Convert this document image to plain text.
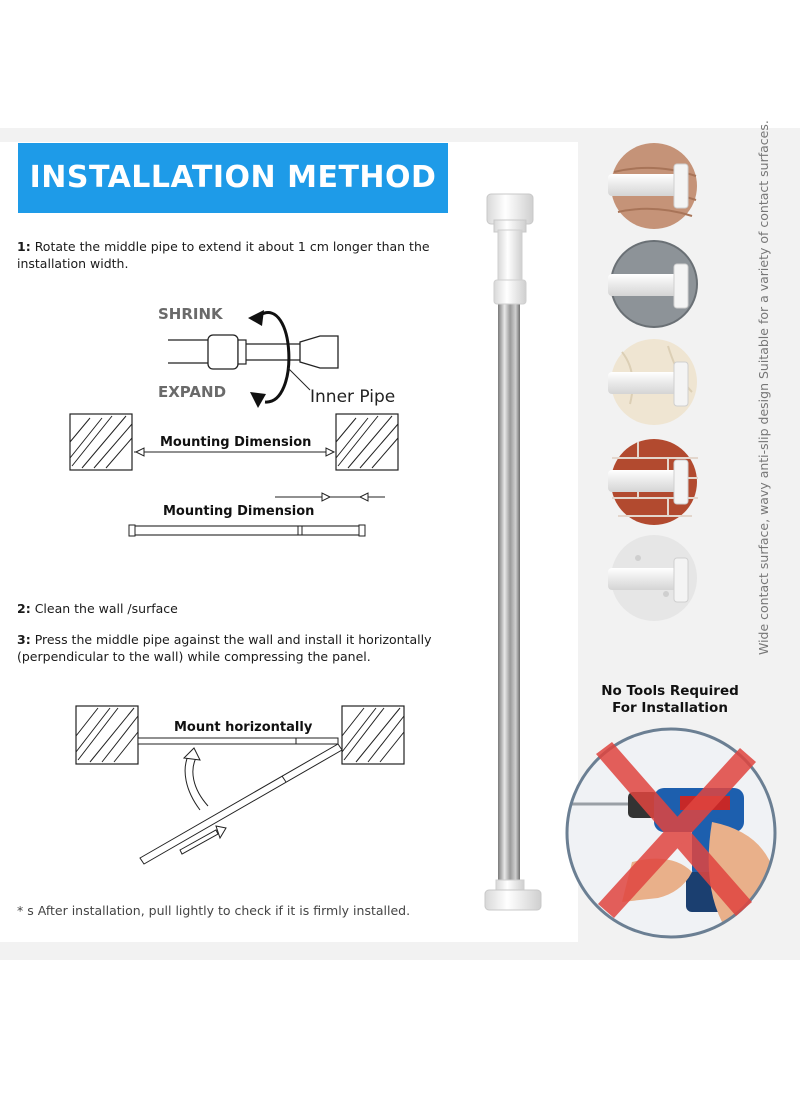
INSTALLATION METHOD
1: Rotate the middle pipe to extend it about 1 cm longer than the installation width.
SHRINK
EXPAND	Inner Pipe
Mounting Dimension
Mounting Dimension
2: Clean the wall /surface
3: Press the middle pipe against the wall and install it horizontally (perpendicular to the wall) while compressing the panel.
Mount horizontally
* s After installation, pull lightly to check if it is firmly installed.
Wide contact surface, wavy anti-slip design Suitable for a variety of contact surfaces.
No Tools Required
For Installation
